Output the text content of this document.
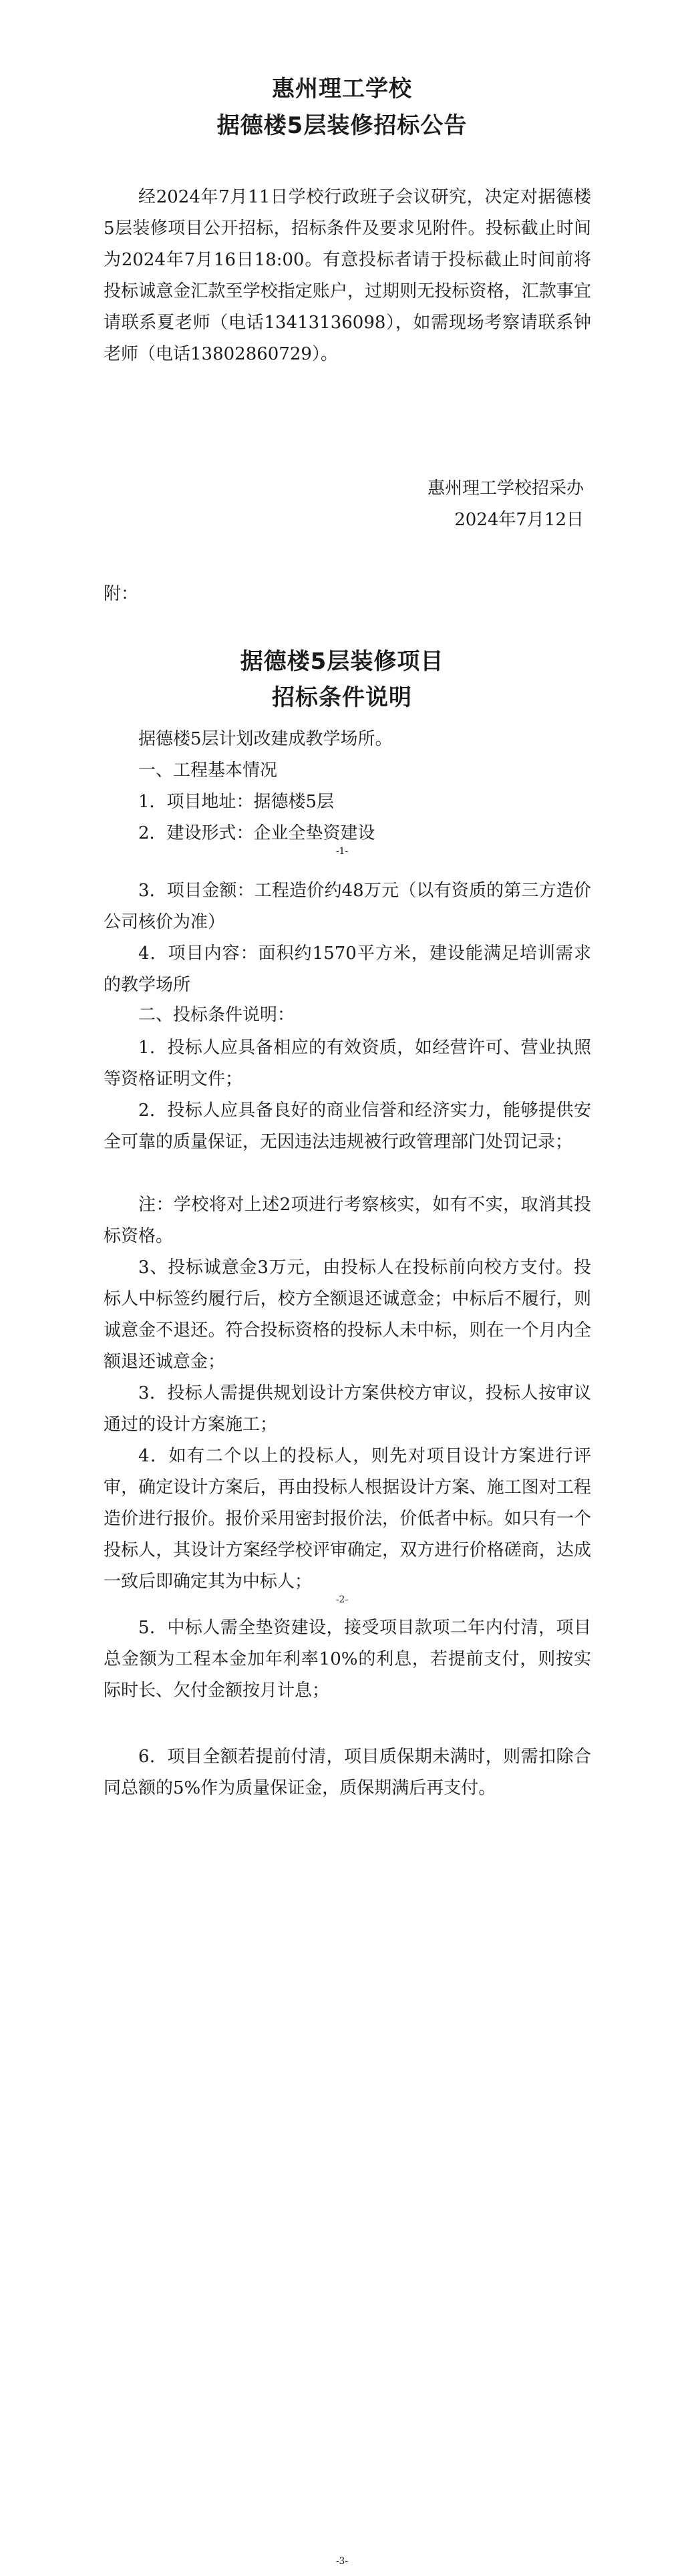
惠州理工学校
据德楼5层装修招标公告

经2024年7月11日学校行政班子会议研究，决定对据德楼5层装修项目公开招标，招标条件及要求见附件。投标截止时间为2024年7月16日18:00。有意投标者请于投标截止时间前将投标诚意金汇款至学校指定账户，过期则无投标资格，汇款事宜请联系夏老师（电话13413136098），如需现场考察请联系钟老师（电话13802860729）。

惠州理工学校招采办
2024年7月12日
附：
据德楼5层装修项目
招标条件说明
据德楼5层计划改建成教学场所。
一、工程基本情况
1．项目地址：据德楼5层
2．建设形式：企业全垫资建设
-1-

3．项目金额：工程造价约48万元（以有资质的第三方造价公司核价为准）

4．项目内容：面积约1570平方米，建设能满足培训需求的教学场所

二、投标条件说明：

1．投标人应具备相应的有效资质，如经营许可、营业执照等资格证明文件；

2．投标人应具备良好的商业信誉和经济实力，能够提供安全可靠的质量保证，无因违法违规被行政管理部门处罚记录；

注：学校将对上述2项进行考察核实，如有不实，取消其投标资格。

3、投标诚意金3万元，由投标人在投标前向校方支付。投标人中标签约履行后，校方全额退还诚意金；中标后不履行，则诚意金不退还。符合投标资格的投标人未中标，则在一个月内全额退还诚意金；

3．投标人需提供规划设计方案供校方审议，投标人按审议通过的设计方案施工；

4．如有二个以上的投标人，则先对项目设计方案进行评审，确定设计方案后，再由投标人根据设计方案、施工图对工程造价进行报价。报价采用密封报价法，价低者中标。如只有一个投标人，其设计方案经学校评审确定，双方进行价格磋商，达成一致后即确定其为中标人；

-2-

5．中标人需全垫资建设，接受项目款项二年内付清，项目总金额为工程本金加年利率10%的利息，若提前支付，则按实际时长、欠付金额按月计息；

6．项目全额若提前付清，项目质保期未满时，则需扣除合同总额的5%作为质量保证金，质保期满后再支付。

-3-
